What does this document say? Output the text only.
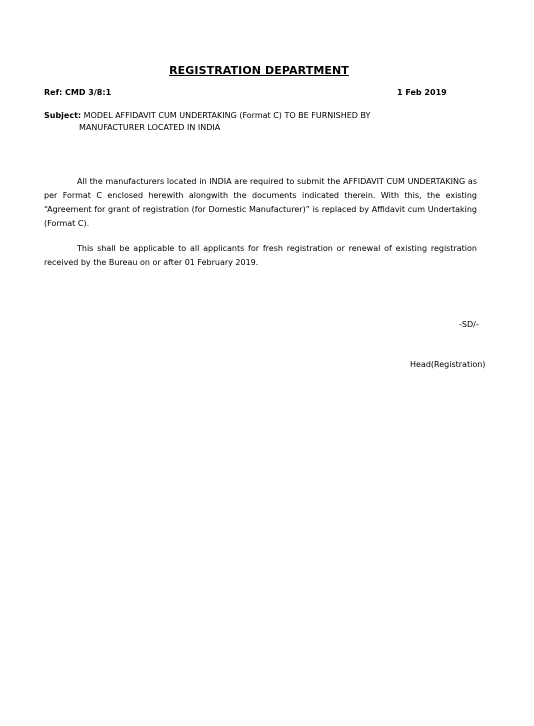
REGISTRATION DEPARTMENT
Ref: CMD 3/8:1	1 Feb 2019
Subject: MODEL AFFIDAVIT CUM UNDERTAKING (Format C) TO BE FURNISHED BY
MANUFACTURER LOCATED IN INDIA

All the manufacturers located in INDIA are required to submit the AFFIDAVIT CUM UNDERTAKING as per Format C enclosed herewith alongwith the documents indicated therein. With this, the existing “Agreement for grant of registration (for Domestic Manufacturer)” is replaced by Affidavit cum Undertaking (Format C).

This shall be applicable to all applicants for fresh registration or renewal of existing registration received by the Bureau on or after 01 February 2019.

-SD/-
Head(Registration)
